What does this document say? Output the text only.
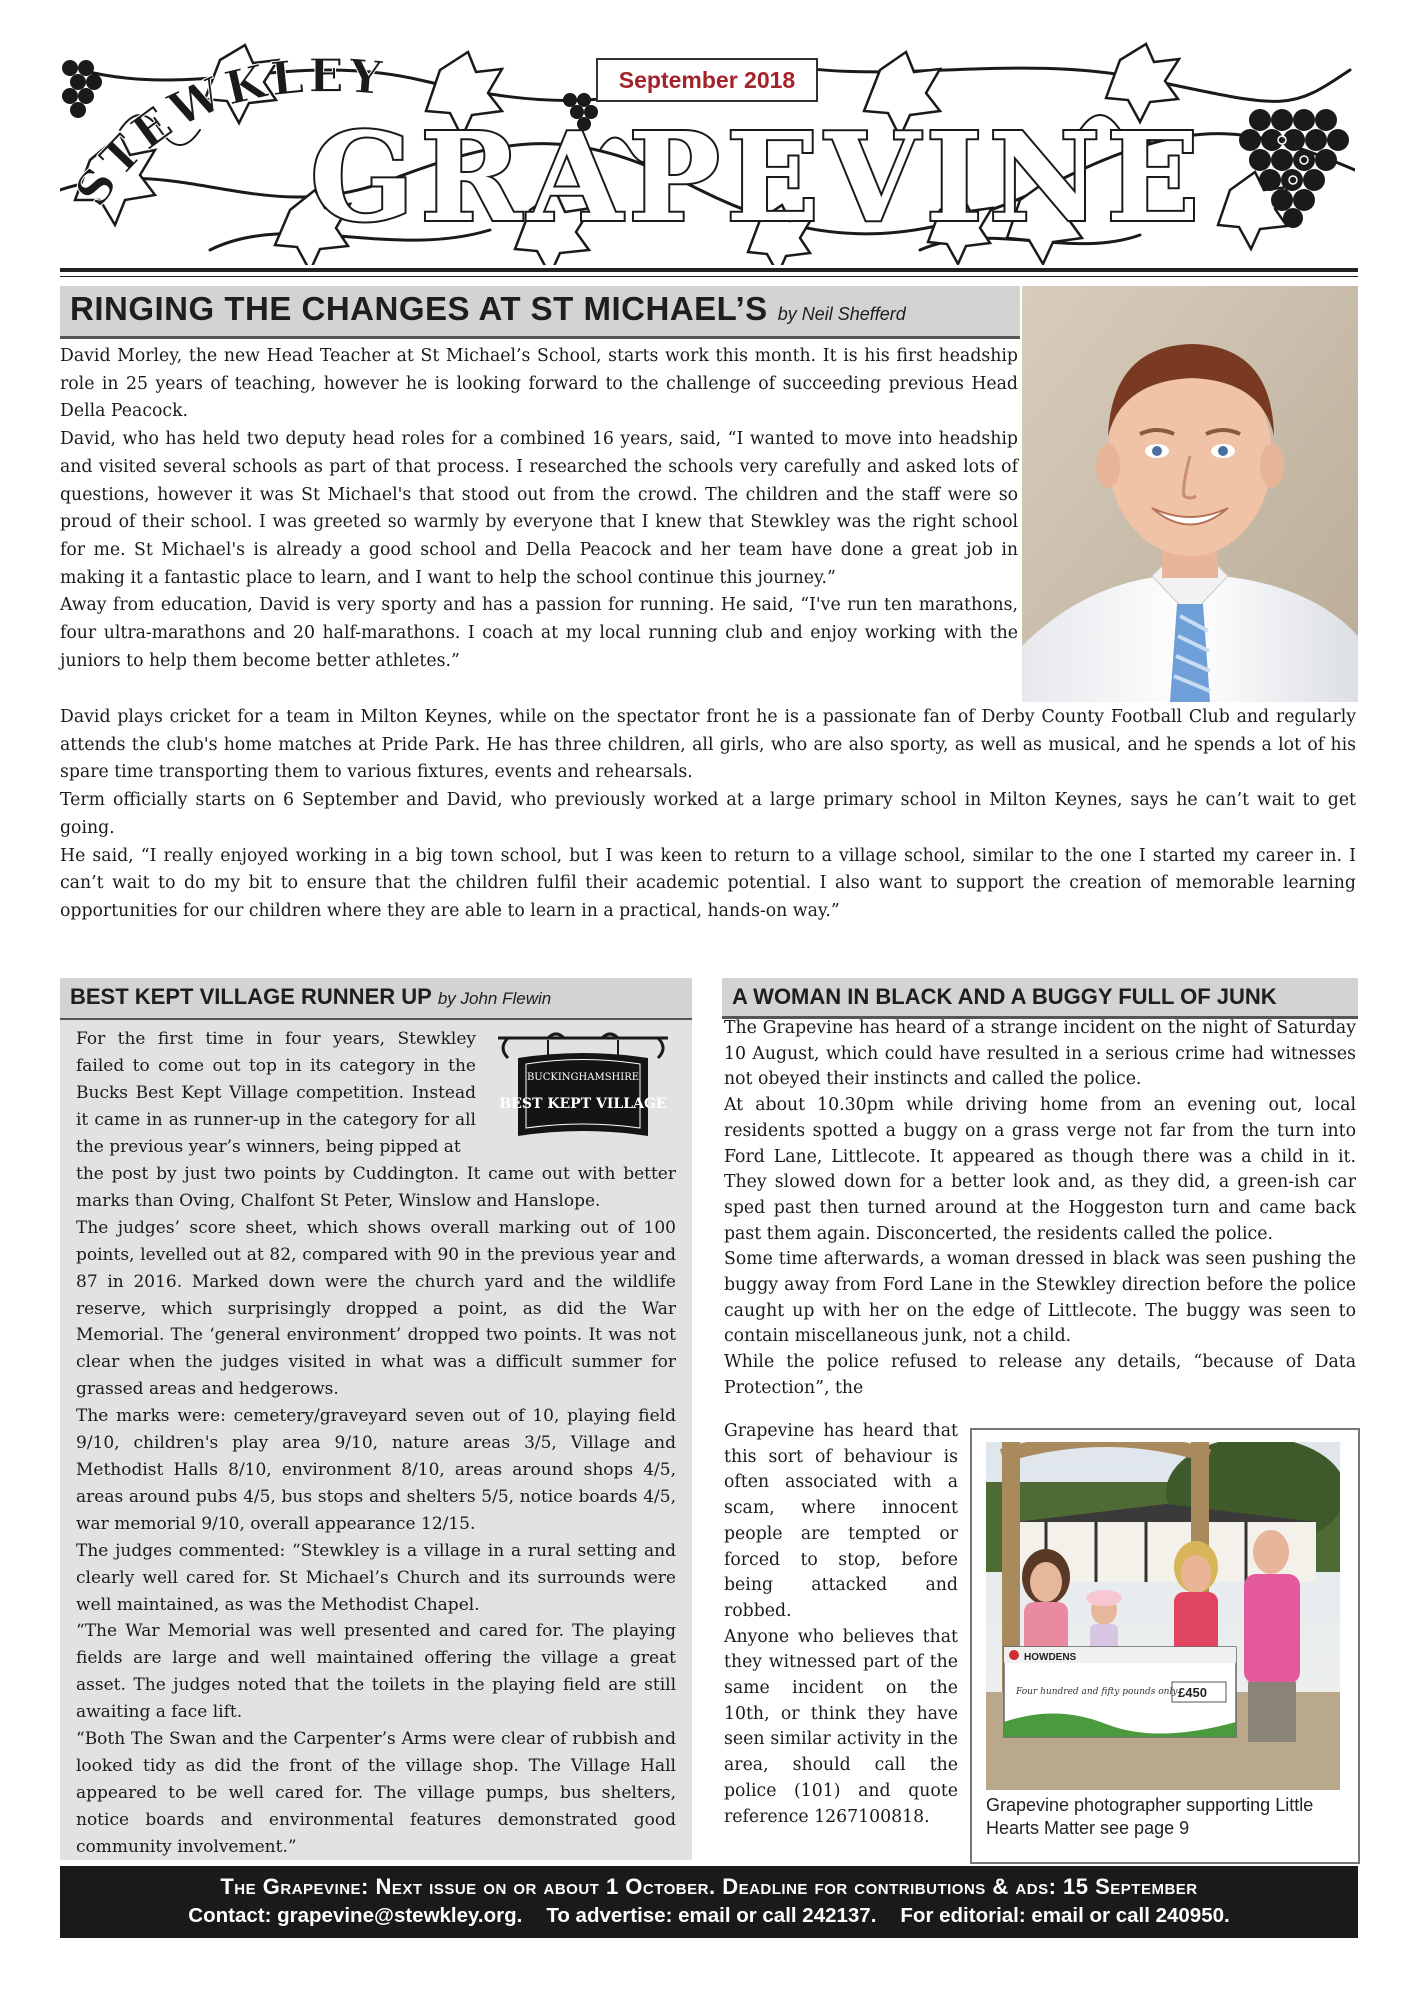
STEWKLEY
GRAPEVINE
September 2018
RINGING THE CHANGES AT ST MICHAEL’S by Neil Shefferd

David Morley, the new Head Teacher at St Michael’s School, starts work this month. It is his first headship role in 25 years of teaching, however he is looking forward to the challenge of succeeding previous Head Della Peacock.

David, who has held two deputy head roles for a combined 16 years, said, “I wanted to move into headship and visited several schools as part of that process. I researched the schools very carefully and asked lots of questions, however it was St Michael's that stood out from the crowd. The children and the staff were so proud of their school. I was greeted so warmly by everyone that I knew that Stewkley was the right school for me. St Michael's is already a good school and Della Peacock and her team have done a great job in making it a fantastic place to learn, and I want to help the school continue this journey.”

Away from education, David is very sporty and has a passion for running. He said, “I've run ten marathons, four ultra-marathons and 20 half-marathons. I coach at my local running club and enjoy working with the juniors to help them become better athletes.”

David plays cricket for a team in Milton Keynes, while on the spectator front he is a passionate fan of Derby County Football Club and regularly attends the club's home matches at Pride Park. He has three children, all girls, who are also sporty, as well as musical, and he spends a lot of his spare time transporting them to various fixtures, events and rehearsals.

Term officially starts on 6 September and David, who previously worked at a large primary school in Milton Keynes, says he can’t wait to get going.

He said, “I really enjoyed working in a big town school, but I was keen to return to a village school, similar to the one I started my career in. I can’t wait to do my bit to ensure that the children fulfil their academic potential. I also want to support the creation of memorable learning opportunities for our children where they are able to learn in a practical, hands-on way.”

BEST KEPT VILLAGE RUNNER UP by John Flewin
BUCKINGHAMSHIRE
BEST KEPT VILLAGE

For the first time in four years, Stewkley failed to come out top in its category in the Bucks Best Kept Village competition. Instead it came in as runner-up in the category for all the previous year’s winners, being pipped at

the post by just two points by Cuddington. It came out with better marks than Oving, Chalfont St Peter, Winslow and Hanslope.

The judges’ score sheet, which shows overall marking out of 100 points, levelled out at 82, compared with 90 in the previous year and 87 in 2016. Marked down were the church yard and the wildlife reserve, which surprisingly dropped a point, as did the War Memorial. The ‘general environment’ dropped two points. It was not clear when the judges visited in what was a difficult summer for grassed areas and hedgerows.

The marks were: cemetery/graveyard seven out of 10, playing field 9/10, children's play area 9/10, nature areas 3/5, Village and Methodist Halls 8/10, environment 8/10, areas around shops 4/5, areas around pubs 4/5, bus stops and shelters 5/5, notice boards 4/5, war memorial 9/10, overall appearance 12/15.

The judges commented: “Stewkley is a village in a rural setting and clearly well cared for. St Michael’s Church and its surrounds were well maintained, as was the Methodist Chapel.

“The War Memorial was well presented and cared for. The playing fields are large and well maintained offering the village a great asset. The judges noted that the toilets in the playing field are still awaiting a face lift.

“Both The Swan and the Carpenter’s Arms were clear of rubbish and looked tidy as did the front of the village shop. The Village Hall appeared to be well cared for. The village pumps, bus shelters, notice boards and environmental features demonstrated good community involvement.”

A WOMAN IN BLACK AND A BUGGY FULL OF JUNK

The Grapevine has heard of a strange incident on the night of Saturday 10 August, which could have resulted in a serious crime had witnesses not obeyed their instincts and called the police.

At about 10.30pm while driving home from an evening out, local residents spotted a buggy on a grass verge not far from the turn into Ford Lane, Littlecote. It appeared as though there was a child in it. They slowed down for a better look and, as they did, a green-ish car sped past then turned around at the Hoggeston turn and came back past them again. Disconcerted, the residents called the police.

Some time afterwards, a woman dressed in black was seen pushing the buggy away from Ford Lane in the Stewkley direction before the police caught up with her on the edge of Littlecote. The buggy was seen to contain miscellaneous junk, not a child.

While the police refused to release any details, “because of Data Protection”, the

Grapevine has heard that this sort of behaviour is often associated with a scam, where innocent people are tempted or forced to stop, before being attacked and robbed.

Anyone who believes that they witnessed part of the same incident on the 10th, or think they have seen similar activity in the area, should call the police (101) and quote reference 1267100818.

HOWDENS
Four hundred and fifty pounds only £450
Grapevine photographer supporting Little Hearts Matter see page 9
The Grapevine: Next issue on or about 1 October. Deadline for contributions & ads: 15 September
Contact: grapevine@stewkley.org. To advertise: email or call 242137. For editorial: email or call 240950.
